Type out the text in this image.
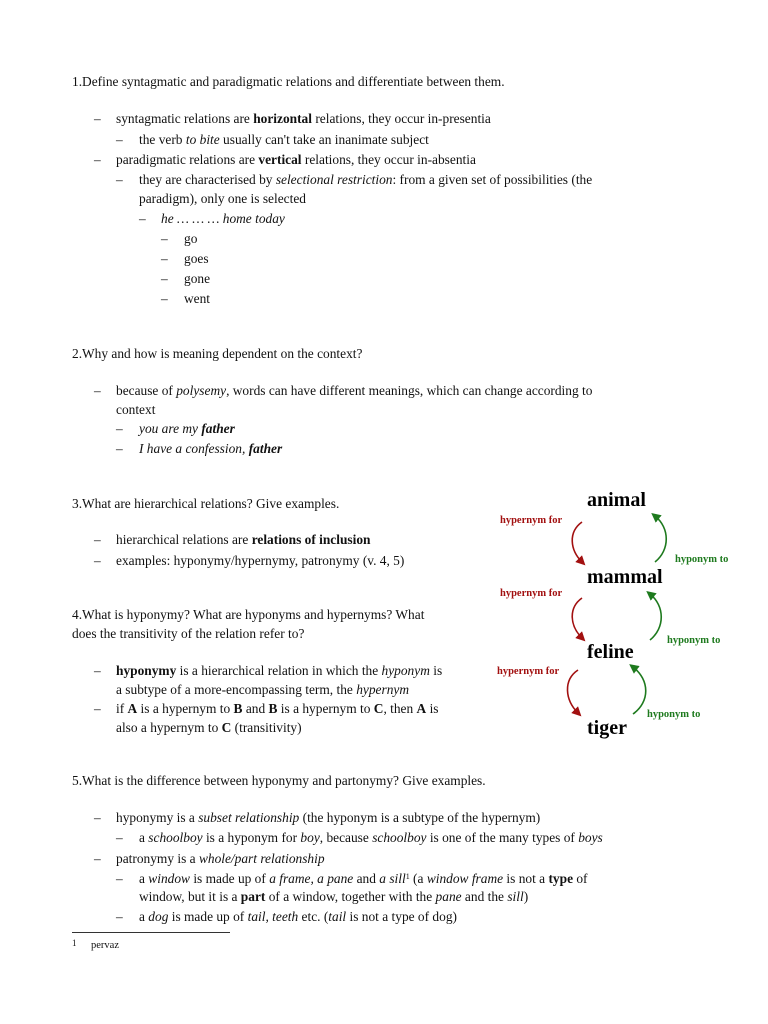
1.Define syntagmatic and paradigmatic relations and differentiate between them.
– syntagmatic relations are horizontal relations, they occur in-presentia
– the verb to bite usually can't take an inanimate subject
– paradigmatic relations are vertical relations, they occur in-absentia
– they are characterised by selectional restriction: from a given set of possibilities (the
paradigm), only one is selected
– he … … … home today
– go
– goes
– gone
– went
2.Why and how is meaning dependent on the context?
– because of polysemy, words can have different meanings, which can change according to
context
– you are my father
– I have a confession, father
3.What are hierarchical relations? Give examples.
– hierarchical relations are relations of inclusion
– examples: hyponymy/hypernymy, patronymy (v. 4, 5)
4.What is hyponymy? What are hyponyms and hypernyms? What
does the transitivity of the relation refer to?
– hyponymy is a hierarchical relation in which the hyponym is
a subtype of a more-encompassing term, the hypernym
– if A is a hypernym to B and B is a hypernym to C, then A is
also a hypernym to C (transitivity)
5.What is the difference between hyponymy and partonymy? Give examples.
– hyponymy is a subset relationship (the hyponym is a subtype of the hypernym)
– a schoolboy is a hyponym for boy, because schoolboy is one of the many types of boys
– patronymy is a whole/part relationship
– a window is made up of a frame, a pane and a sill$^1$ (a window frame is not a type of
window, but it is a part of a window, together with the pane and the sill)
– a dog is made up of tail, teeth etc. (tail is not a type of dog)
1 pervaz
animal
mammal
feline
tiger
hypernym for
hypernym for
hypernym for
hyponym to
hyponym to
hyponym to
